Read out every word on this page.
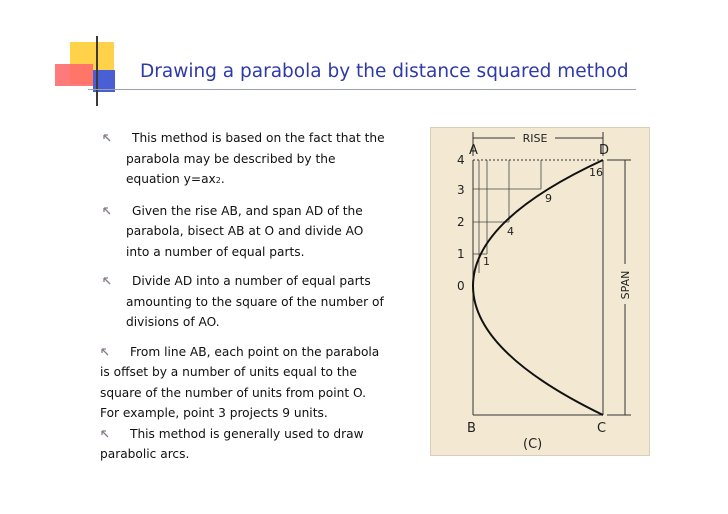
Drawing a parabola by the distance squared method
This method is based on the fact that the
parabola may be described by the
equation y=ax2.
Given the rise AB, and span AD of the
parabola, bisect AB at O and divide AO
into a number of equal parts.
Divide AD into a number of equal parts
amounting to the square of the number of
divisions of AO.
From line AB, each point on the parabola
is offset by a number of units equal to the
square of the number of units from point O.
For example, point 3 projects 9 units.
This method is generally used to draw
parabolic arcs.
RISE
SPAN
4
3
2
1
0
16
9
4
1
A	D
B	C
(C)
